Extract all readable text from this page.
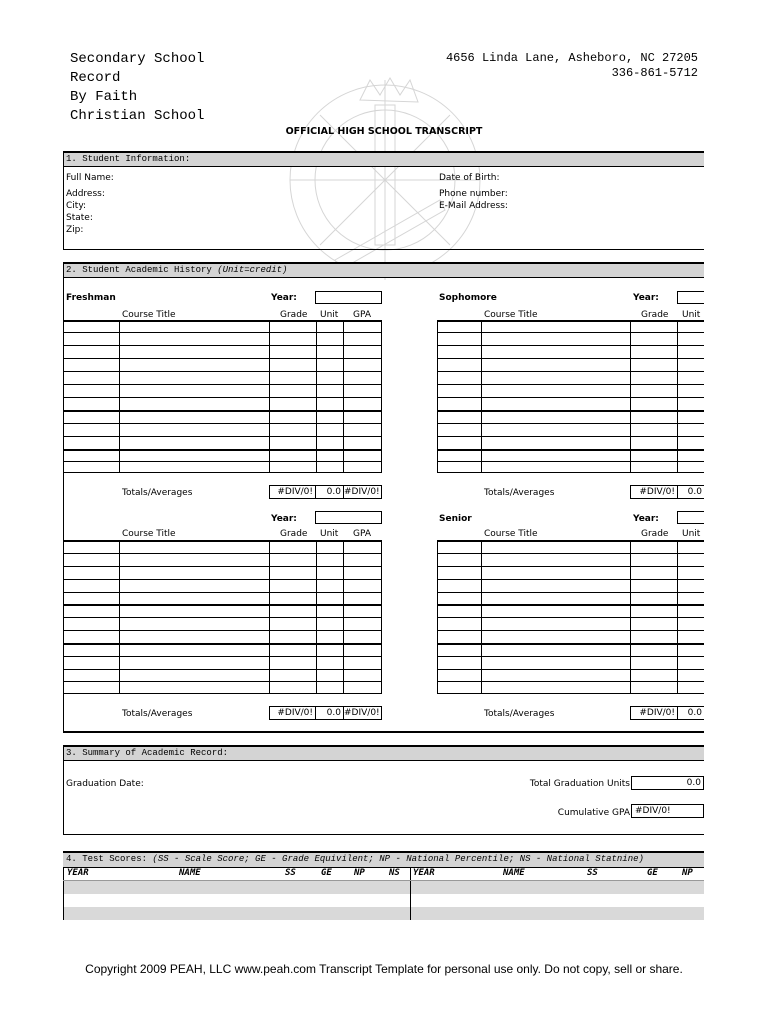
Secondary School
Record
By Faith
Christian School
4656 Linda Lane, Asheboro, NC 27205
336-861-5712
OFFICIAL HIGH SCHOOL TRANSCRIPT
1. Student Information:
Full Name:
Address:
City:
State:
Zip:
Date of Birth:
Phone number:
E-Mail Address:
2. Student Academic History (Unit=credit)
Freshman	Year:
Course Title	Grade Unit GPA
Totals/Averages	#DIV/0!	0.0 #DIV/0!
Sophomore	Year:
Course Title	Grade Unit
Totals/Averages	#DIV/0!	0.0
Year:
Course Title	Grade Unit GPA
Totals/Averages	#DIV/0!	0.0 #DIV/0!
Senior	Year:
Course Title	Grade Unit
Totals/Averages	#DIV/0!	0.0
3. Summary of Academic Record:
Graduation Date:	Total Graduation Units	0.0
Cumulative GPA #DIV/0!
4. Test Scores: (SS - Scale Score; GE - Grade Equivilent; NP - National Percentile; NS - National Statnine)
YEAR	NAME	SS	GE NP	NS YEAR	NAME	SS	GE	NP
Copyright 2009 PEAH, LLC www.peah.com Transcript Template for personal use only. Do not copy, sell or share.
